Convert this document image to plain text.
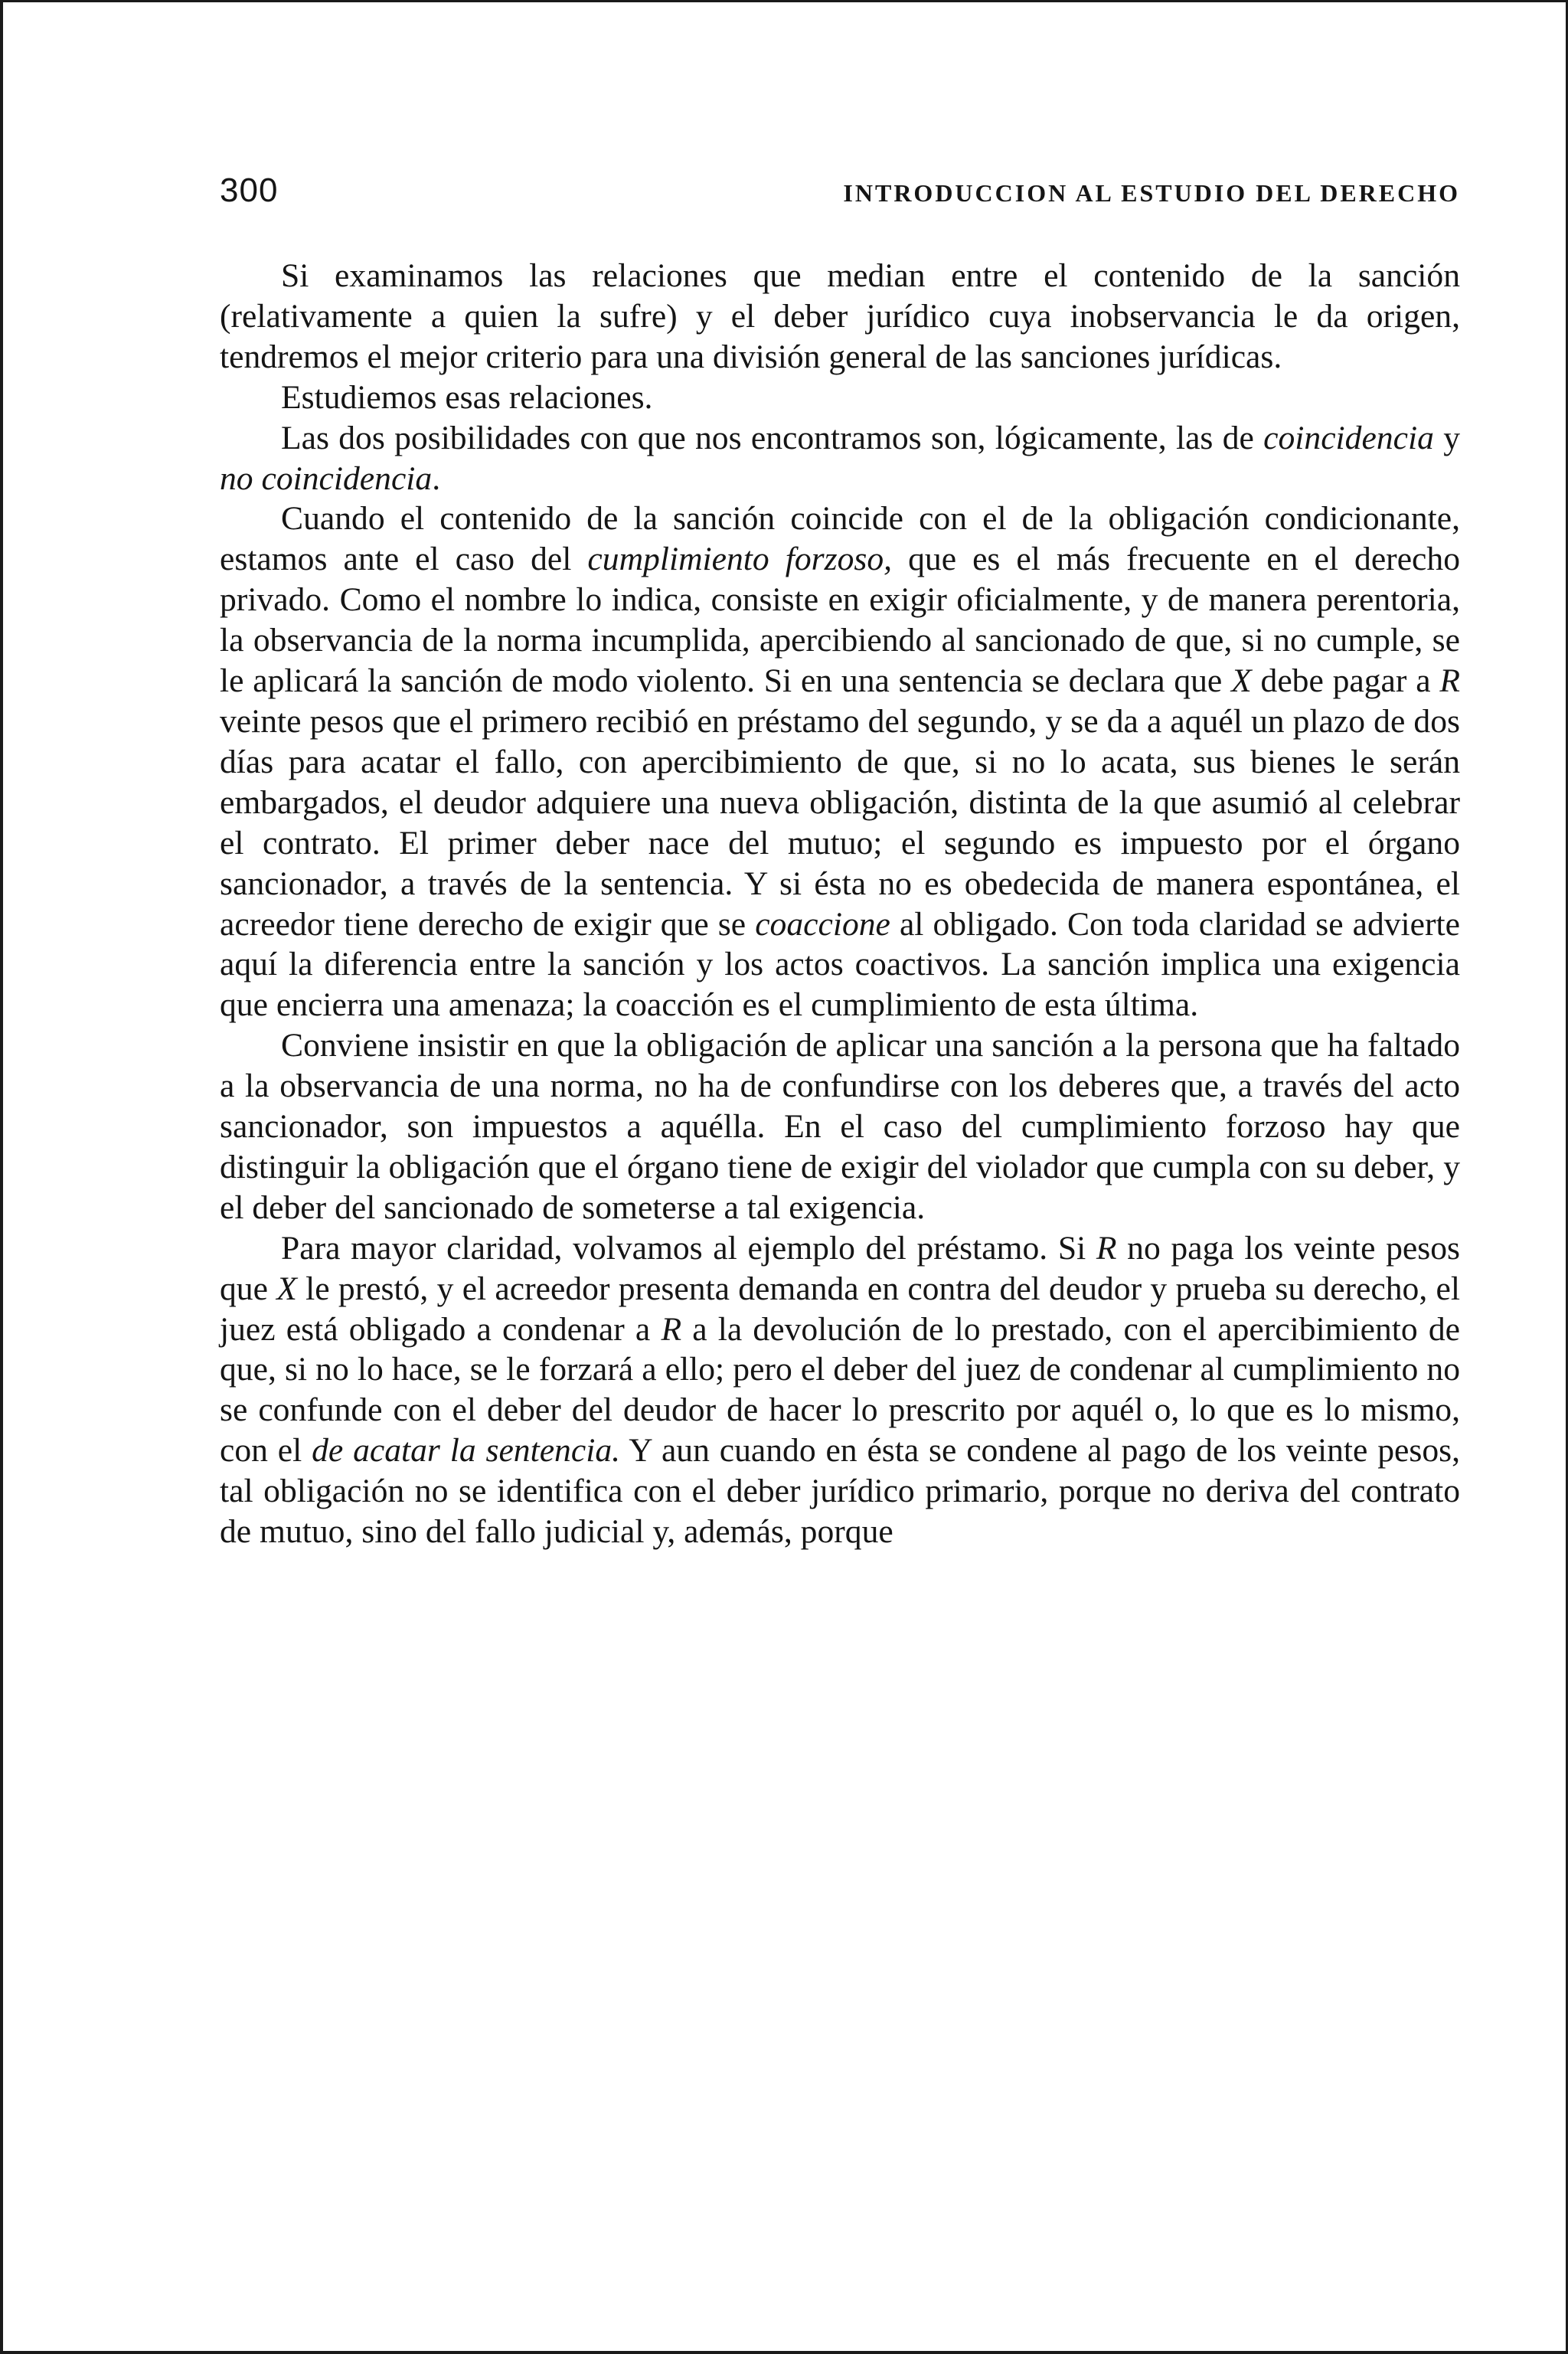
300	INTRODUCCION AL ESTUDIO DEL DERECHO

Si examinamos las relaciones que median entre el contenido de la sanción (relativamente a quien la sufre) y el deber jurídico cuya inobservancia le da origen, tendremos el mejor criterio para una división general de las sanciones jurídicas.

Estudiemos esas relaciones.

Las dos posibilidades con que nos encontramos son, lógicamente, las de coincidencia y no coincidencia.

Cuando el contenido de la sanción coincide con el de la obligación condicionante, estamos ante el caso del cumplimiento forzoso, que es el más frecuente en el derecho privado. Como el nombre lo indica, consiste en exigir oficialmente, y de manera perentoria, la observancia de la norma incumplida, apercibiendo al sancionado de que, si no cumple, se le aplicará la sanción de modo violento. Si en una sentencia se declara que X debe pagar a R veinte pesos que el primero recibió en préstamo del segundo, y se da a aquél un plazo de dos días para acatar el fallo, con apercibimiento de que, si no lo acata, sus bienes le serán embargados, el deudor adquiere una nueva obligación, distinta de la que asumió al celebrar el contrato. El primer deber nace del mutuo; el segundo es impuesto por el órgano sancionador, a través de la sentencia. Y si ésta no es obedecida de manera espontánea, el acreedor tiene derecho de exigir que se coaccione al obligado. Con toda claridad se advierte aquí la diferencia entre la sanción y los actos coactivos. La sanción implica una exigencia que encierra una amenaza; la coacción es el cumplimiento de esta última.

Conviene insistir en que la obligación de aplicar una sanción a la persona que ha faltado a la observancia de una norma, no ha de confundirse con los deberes que, a través del acto sancionador, son impuestos a aquélla. En el caso del cumplimiento forzoso hay que distinguir la obligación que el órgano tiene de exigir del violador que cumpla con su deber, y el deber del sancionado de someterse a tal exigencia.

Para mayor claridad, volvamos al ejemplo del préstamo. Si R no paga los veinte pesos que X le prestó, y el acreedor presenta demanda en contra del deudor y prueba su derecho, el juez está obligado a condenar a R a la devolución de lo prestado, con el apercibimiento de que, si no lo hace, se le forzará a ello; pero el deber del juez de condenar al cumplimiento no se confunde con el deber del deudor de hacer lo prescrito por aquél o, lo que es lo mismo, con el de acatar la sentencia. Y aun cuando en ésta se condene al pago de los veinte pesos, tal obligación no se identifica con el deber jurídico primario, porque no deriva del contrato de mutuo, sino del fallo judicial y, además, porque
